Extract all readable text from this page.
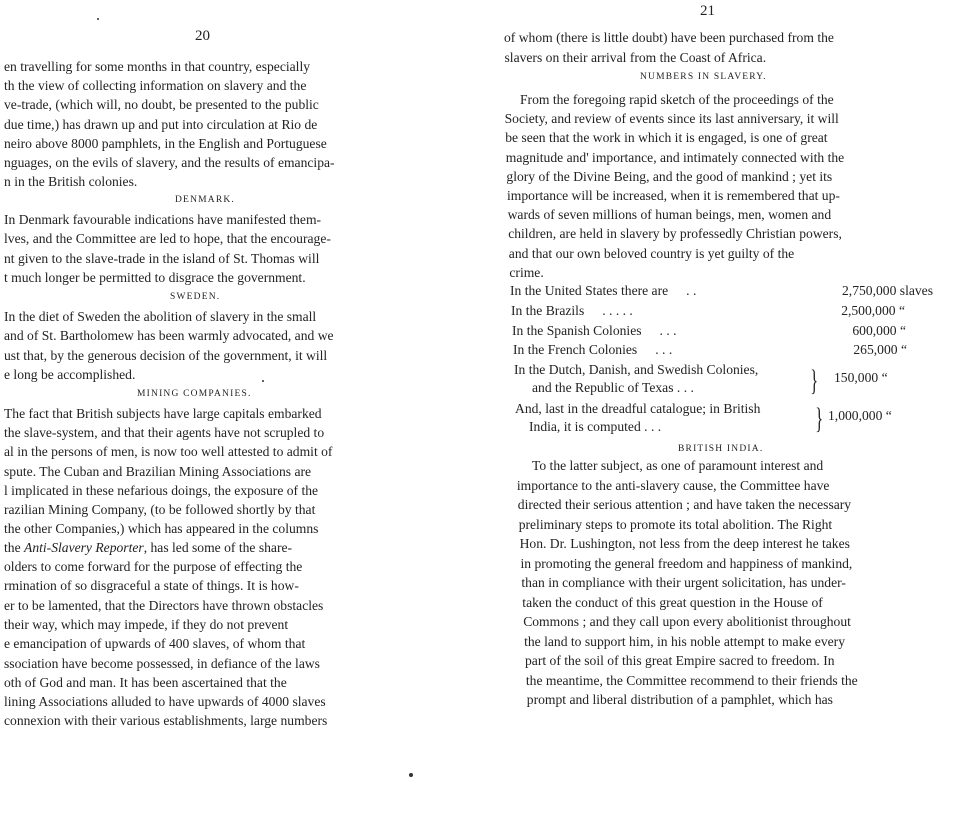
20
en travelling for some months in that country, especially
th the view of collecting information on slavery and the
ve-trade, (which will, no doubt, be presented to the public
due time,) has drawn up and put into circulation at Rio de
neiro above 8000 pamphlets, in the English and Portuguese
nguages, on the evils of slavery, and the results of emancipa-
n in the British colonies.
DENMARK.
In Denmark favourable indications have manifested them-
lves, and the Committee are led to hope, that the encourage-
nt given to the slave-trade in the island of St. Thomas will
t much longer be permitted to disgrace the government.
SWEDEN.
In the diet of Sweden the abolition of slavery in the small
and of St. Bartholomew has been warmly advocated, and we
ust that, by the generous decision of the government, it will
e long be accomplished.
MINING COMPANIES.
The fact that British subjects have large capitals embarked
the slave-system, and that their agents have not scrupled to
al in the persons of men, is now too well attested to admit of
spute. The Cuban and Brazilian Mining Associations are
l implicated in these nefarious doings, the exposure of the
razilian Mining Company, (to be followed shortly by that
the other Companies,) which has appeared in the columns
the Anti-Slavery Reporter, has led some of the share-
olders to come forward for the purpose of effecting the
rmination of so disgraceful a state of things. It is how-
er to be lamented, that the Directors have thrown obstacles
their way, which may impede, if they do not prevent
e emancipation of upwards of 400 slaves, of whom that
ssociation have become possessed, in defiance of the laws
oth of God and man. It has been ascertained that the
lining Associations alluded to have upwards of 4000 slaves
connexion with their various establishments, large numbers
21
of whom (there is little doubt) have been purchased from the
slavers on their arrival from the Coast of Africa.
NUMBERS IN SLAVERY.
From the foregoing rapid sketch of the proceedings of the
Society, and review of events since its last anniversary, it will
be seen that the work in which it is engaged, is one of great
magnitude and' importance, and intimately connected with the
glory of the Divine Being, and the good of mankind ; yet its
importance will be increased, when it is remembered that up-
wards of seven millions of human beings, men, women and
children, are held in slavery by professedly Christian powers,
and that our own beloved country is yet guilty of the
crime.
In the United States there are . .	2,750,000 slaves
In the Brazils . . . . .	2,500,000 “
In the Spanish Colonies . . .	600,000 “
In the French Colonies . . .	265,000 “
In the Dutch, Danish, and Swedish Colonies,
and the Republic of Texas . . .	} 150,000 “
And, last in the dreadful catalogue; in British
India, it is computed . . .	} 1,000,000 “
BRITISH INDIA.
To the latter subject, as one of paramount interest and
importance to the anti-slavery cause, the Committee have
directed their serious attention ; and have taken the necessary
preliminary steps to promote its total abolition. The Right
Hon. Dr. Lushington, not less from the deep interest he takes
in promoting the general freedom and happiness of mankind,
than in compliance with their urgent solicitation, has under-
taken the conduct of this great question in the House of
Commons ; and they call upon every abolitionist throughout
the land to support him, in his noble attempt to make every
part of the soil of this great Empire sacred to freedom. In
the meantime, the Committee recommend to their friends the
prompt and liberal distribution of a pamphlet, which has
